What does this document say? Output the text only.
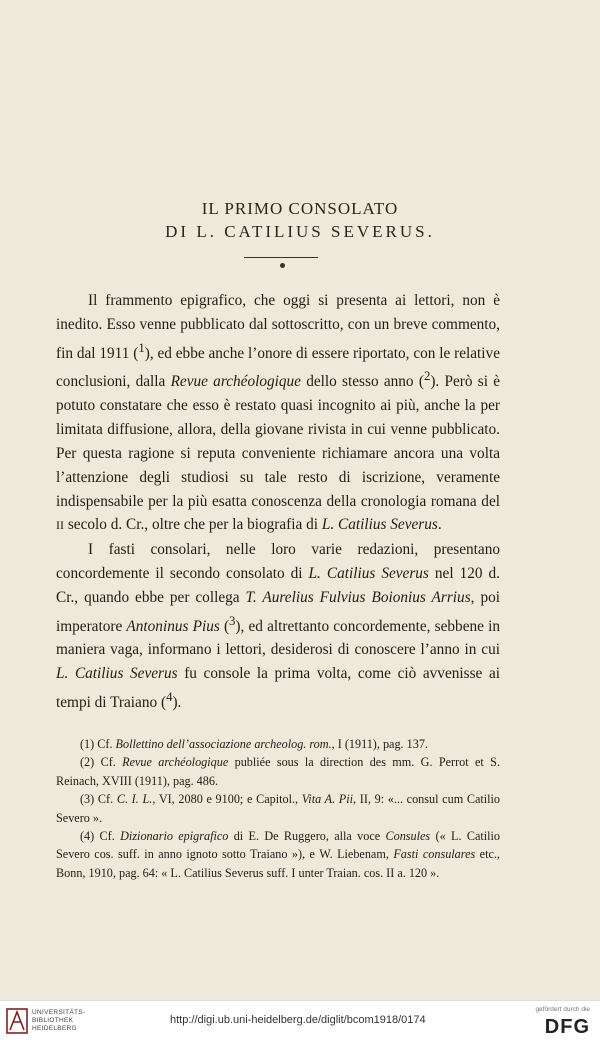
IL PRIMO CONSOLATO
DI L. CATILIUS SEVERUS.

Il frammento epigrafico, che oggi si presenta ai lettori, non è inedito. Esso venne pubblicato dal sottoscritto, con un breve commento, fin dal 1911 ($^1$), ed ebbe anche l’onore di essere riportato, con le relative conclusioni, dalla Revue archéologique dello stesso anno ($^2$). Però si è potuto constatare che esso è restato quasi incognito ai più, anche la per limitata diffusione, allora, della giovane rivista in cui venne pubblicato. Per questa ragione si reputa conveniente richiamare ancora una volta l’attenzione degli studiosi su tale resto di iscrizione, veramente indispensabile per la più esatta conoscenza della cronologia romana del II secolo d. Cr., oltre che per la biografia di L. Catilius Severus.

I fasti consolari, nelle loro varie redazioni, presentano concordemente il secondo consolato di L. Catilius Severus nel 120 d. Cr., quando ebbe per collega T. Aurelius Fulvius Boionius Arrius, poi imperatore Antoninus Pius ($^3$), ed altrettanto concordemente, sebbene in maniera vaga, informano i lettori, desiderosi di conoscere l’anno in cui L. Catilius Severus fu console la prima volta, come ciò avvenisse ai tempi di Traiano ($^4$).

(1) Cf. Bollettino dell’associazione archeolog. rom., I (1911), pag. 137.

(2) Cf. Revue archéologique publiée sous la direction des mm. G. Perrot et S. Reinach, XVIII (1911), pag. 486.

(3) Cf. C. I. L., VI, 2080 e 9100; e Capitol., Vita A. Pii, II, 9: «... consul cum Catilio Severo ».

(4) Cf. Dizionario epigrafico di E. De Ruggero, alla voce Consules (« L. Catilio Severo cos. suff. in anno ignoto sotto Traiano »), e W. Liebenam, Fasti consulares etc., Bonn, 1910, pag. 64: « L. Catilius Severus suff. I unter Traian. cos. II a. 120 ».

UNIVERSITÄTS-
BIBLIOTHEK
HEIDELBERG
http://digi.ub.uni-heidelberg.de/diglit/bcom1918/0174
gefördert durch die
DFG
